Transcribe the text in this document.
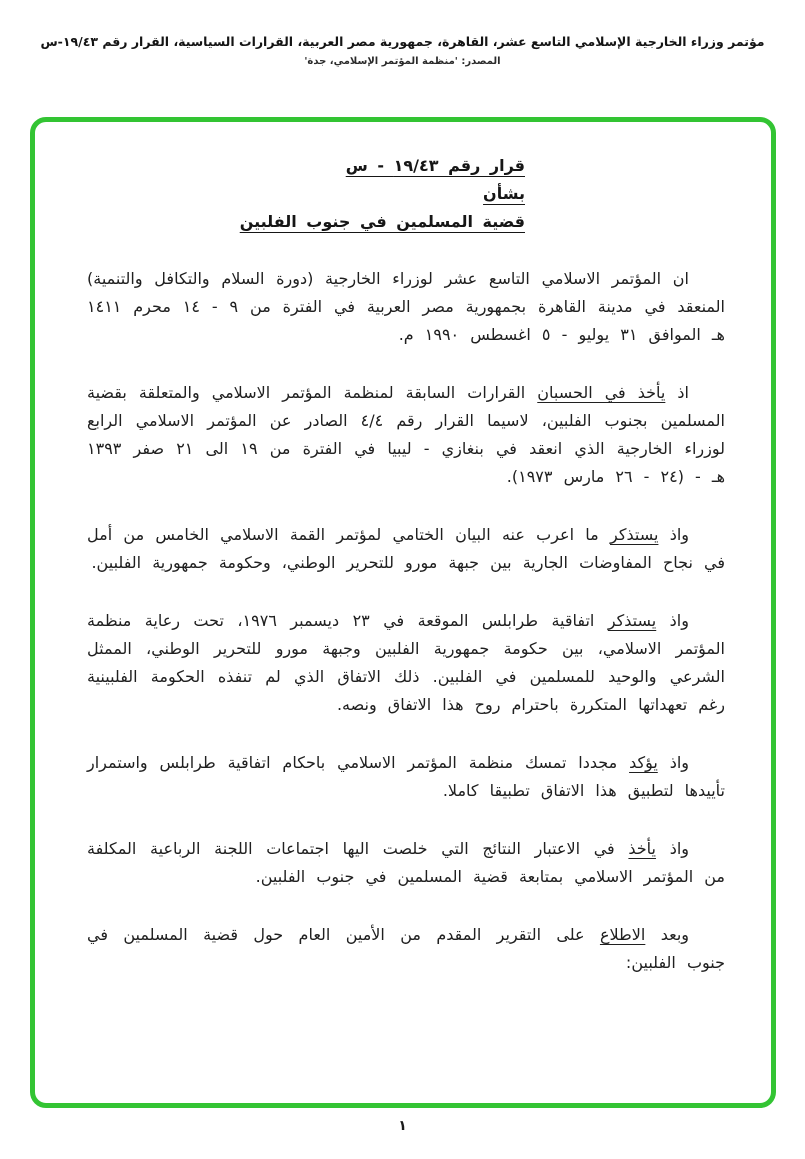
مؤتمر وزراء الخارجية الإسلامي التاسع عشر، القاهرة، جمهورية مصر العربية، القرارات السياسية، القرار رقم ١٩/٤٣-س
المصدر: 'منظمة المؤتمر الإسلامي، جدة'
قرار رقم ١٩/٤٣ - س
بشأن
قضية المسلمين في جنوب الفلبين

ان المؤتمر الاسلامي التاسع عشر لوزراء الخارجية (دورة السلام والتكافل والتنمية) المنعقد في مدينة القاهرة بجمهورية مصر العربية في الفترة من ٩ - ١٤ محرم ١٤١١ هـ الموافق ٣١ يوليو - ٥ اغسطس ١٩٩٠ م.

اذ يأخذ في الحسبان القرارات السابقة لمنظمة المؤتمر الاسلامي والمتعلقة بقضية المسلمين بجنوب الفلبين، لاسيما القرار رقم ٤/٤ الصادر عن المؤتمر الاسلامي الرابع لوزراء الخارجية الذي انعقد في بنغازي - ليبيا في الفترة من ١٩ الى ٢١ صفر ١٣٩٣ هـ - (٢٤ - ٢٦ مارس ١٩٧٣).

واذ يستذكر ما اعرب عنه البيان الختامي لمؤتمر القمة الاسلامي الخامس من أمل في نجاح المفاوضات الجارية بين جبهة مورو للتحرير الوطني، وحكومة جمهورية الفلبين.

واذ يستذكر اتفاقية طرابلس الموقعة في ٢٣ ديسمبر ١٩٧٦، تحت رعاية منظمة المؤتمر الاسلامي، بين حكومة جمهورية الفلبين وجبهة مورو للتحرير الوطني، الممثل الشرعي والوحيد للمسلمين في الفلبين. ذلك الاتفاق الذي لم تنفذه الحكومة الفلبينية رغم تعهداتها المتكررة باحترام روح هذا الاتفاق ونصه.

واذ يؤكد مجددا تمسك منظمة المؤتمر الاسلامي باحكام اتفاقية طرابلس واستمرار تأييدها لتطبيق هذا الاتفاق تطبيقا كاملا.

واذ يأخذ في الاعتبار النتائج التي خلصت اليها اجتماعات اللجنة الرباعية المكلفة من المؤتمر الاسلامي بمتابعة قضية المسلمين في جنوب الفلبين.

وبعد الاطلاع على التقرير المقدم من الأمين العام حول قضية المسلمين في جنوب الفلبين:

١
